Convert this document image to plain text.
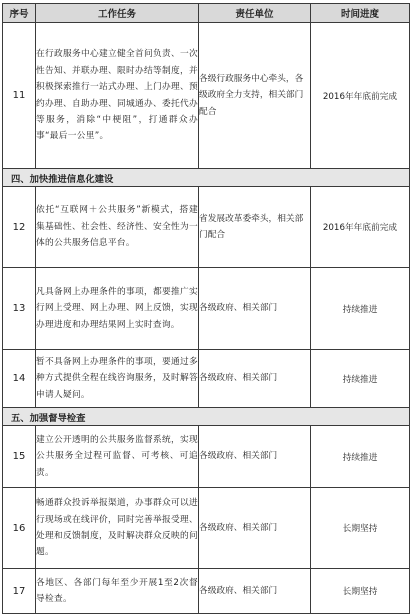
序号	工作任务	责任单位	时间进度
11	在行政服务中心建立健全首问负责、一次性告知、并联办理、限时办结等制度，并积极探索推行一站式办理、上门办理、预约办理、自助办理、同城通办、委托代办等服务，消除“中梗阻”，打通群众办事“最后一公里”。	各级行政服务中心牵头，各级政府全力支持，相关部门配合	2016年年底前完成
四、加快推进信息化建设			
12	依托“互联网＋公共服务”新模式，搭建集基础性、社会性、经济性、安全性为一体的公共服务信息平台。	省发展改革委牵头，相关部门配合	2016年年底前完成
13	凡具备网上办理条件的事项，都要推广实行网上受理、网上办理、网上反馈，实现办理进度和办理结果网上实时查询。	各级政府、相关部门	持续推进
14	暂不具备网上办理条件的事项，要通过多种方式提供全程在线咨询服务，及时解答申请人疑问。	各级政府、相关部门	持续推进
五、加强督导检查			
15	建立公开透明的公共服务监督系统，实现公共服务全过程可监督、可考核、可追责。	各级政府、相关部门	持续推进
16	畅通群众投诉举报渠道，办事群众可以进行现场或在线评价，同时完善举报受理、处理和反馈制度，及时解决群众反映的问题。	各级政府、相关部门	长期坚持
17	各地区、各部门每年至少开展1至2次督导检查。	各级政府、相关部门	长期坚持
